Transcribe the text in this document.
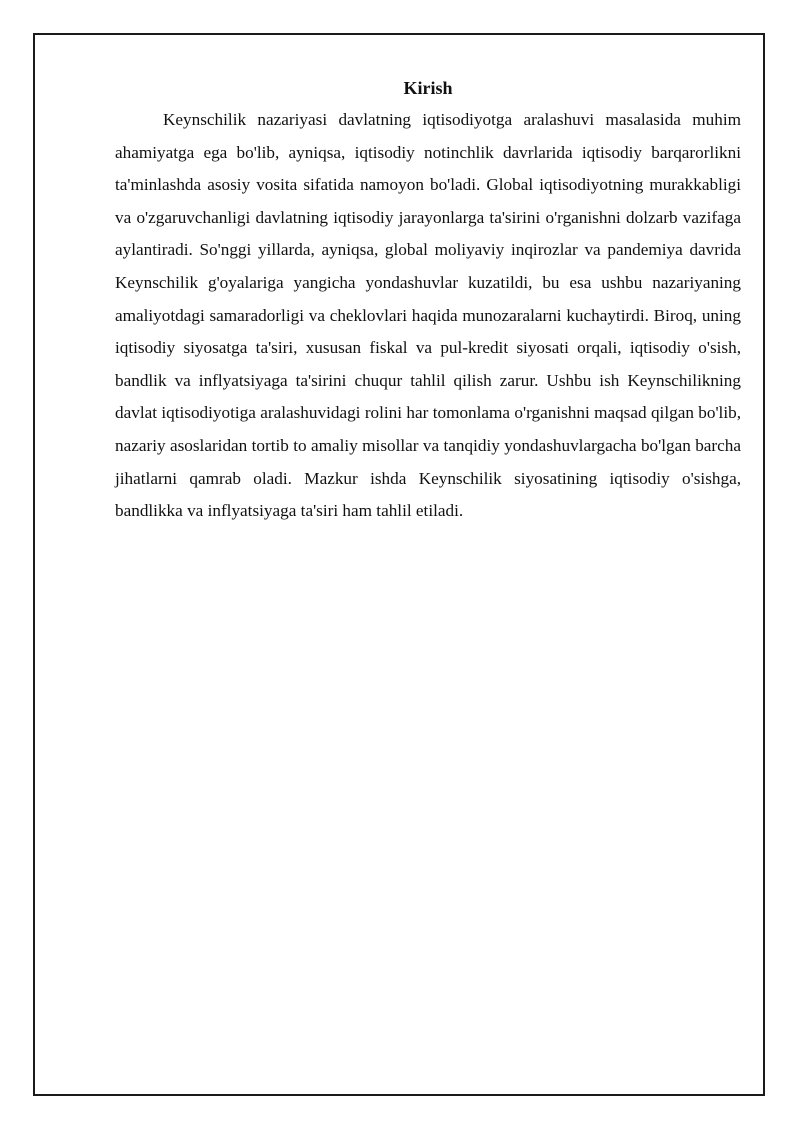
Kirish

Keynschilik nazariyasi davlatning iqtisodiyotga aralashuvi masalasida muhim ahamiyatga ega bo'lib, ayniqsa, iqtisodiy notinchlik davrlarida iqtisodiy barqarorlikni ta'minlashda asosiy vosita sifatida namoyon bo'ladi. Global iqtisodiyotning murakkabligi va o'zgaruvchanligi davlatning iqtisodiy jarayonlarga ta'sirini o'rganishni dolzarb vazifaga aylantiradi. So'nggi yillarda, ayniqsa, global moliyaviy inqirozlar va pandemiya davrida Keynschilik g'oyalariga yangicha yondashuvlar kuzatildi, bu esa ushbu nazariyaning amaliyotdagi samaradorligi va cheklovlari haqida munozaralarni kuchaytirdi. Biroq, uning iqtisodiy siyosatga ta'siri, xususan fiskal va pul-kredit siyosati orqali, iqtisodiy o'sish, bandlik va inflyatsiyaga ta'sirini chuqur tahlil qilish zarur. Ushbu ish Keynschilikning davlat iqtisodiyotiga aralashuvidagi rolini har tomonlama o'rganishni maqsad qilgan bo'lib, nazariy asoslaridan tortib to amaliy misollar va tanqidiy yondashuvlargacha bo'lgan barcha jihatlarni qamrab oladi. Mazkur ishda Keynschilik siyosatining iqtisodiy o'sishga, bandlikka va inflyatsiyaga ta'siri ham tahlil etiladi.
